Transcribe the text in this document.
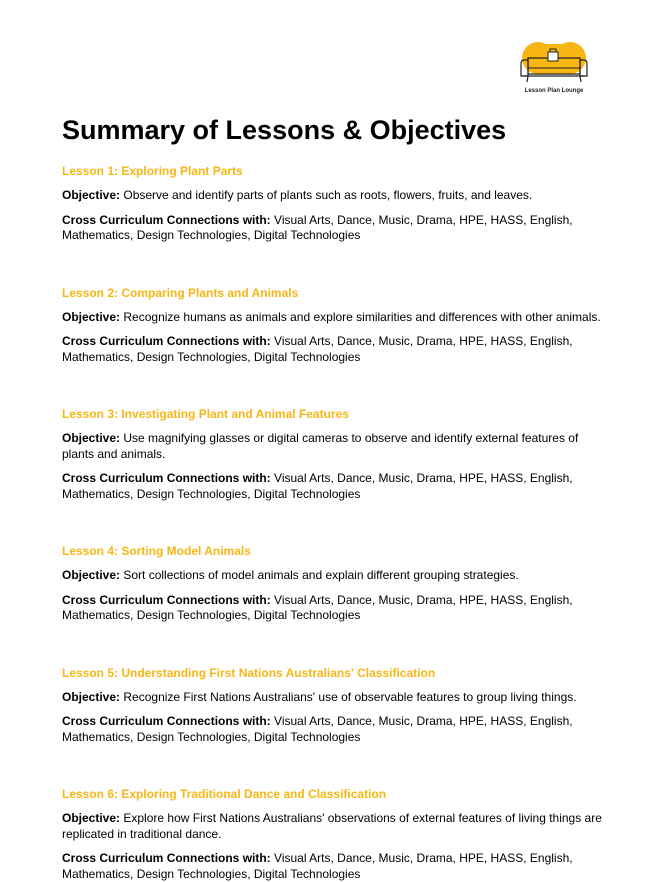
Lesson Plan Lounge
Summary of Lessons & Objectives

Lesson 1: Exploring Plant Parts

Objective: Observe and identify parts of plants such as roots, flowers, fruits, and leaves.

Cross Curriculum Connections with: Visual Arts, Dance, Music, Drama, HPE, HASS, English, Mathematics, Design Technologies, Digital Technologies

Lesson 2: Comparing Plants and Animals

Objective: Recognize humans as animals and explore similarities and differences with other animals.

Cross Curriculum Connections with: Visual Arts, Dance, Music, Drama, HPE, HASS, English, Mathematics, Design Technologies, Digital Technologies

Lesson 3: Investigating Plant and Animal Features

Objective: Use magnifying glasses or digital cameras to observe and identify external features of plants and animals.

Cross Curriculum Connections with: Visual Arts, Dance, Music, Drama, HPE, HASS, English, Mathematics, Design Technologies, Digital Technologies

Lesson 4: Sorting Model Animals

Objective: Sort collections of model animals and explain different grouping strategies.

Cross Curriculum Connections with: Visual Arts, Dance, Music, Drama, HPE, HASS, English, Mathematics, Design Technologies, Digital Technologies

Lesson 5: Understanding First Nations Australians' Classification

Objective: Recognize First Nations Australians' use of observable features to group living things.

Cross Curriculum Connections with: Visual Arts, Dance, Music, Drama, HPE, HASS, English, Mathematics, Design Technologies, Digital Technologies

Lesson 6: Exploring Traditional Dance and Classification

Objective: Explore how First Nations Australians' observations of external features of living things are replicated in traditional dance.

Cross Curriculum Connections with: Visual Arts, Dance, Music, Drama, HPE, HASS, English, Mathematics, Design Technologies, Digital Technologies
